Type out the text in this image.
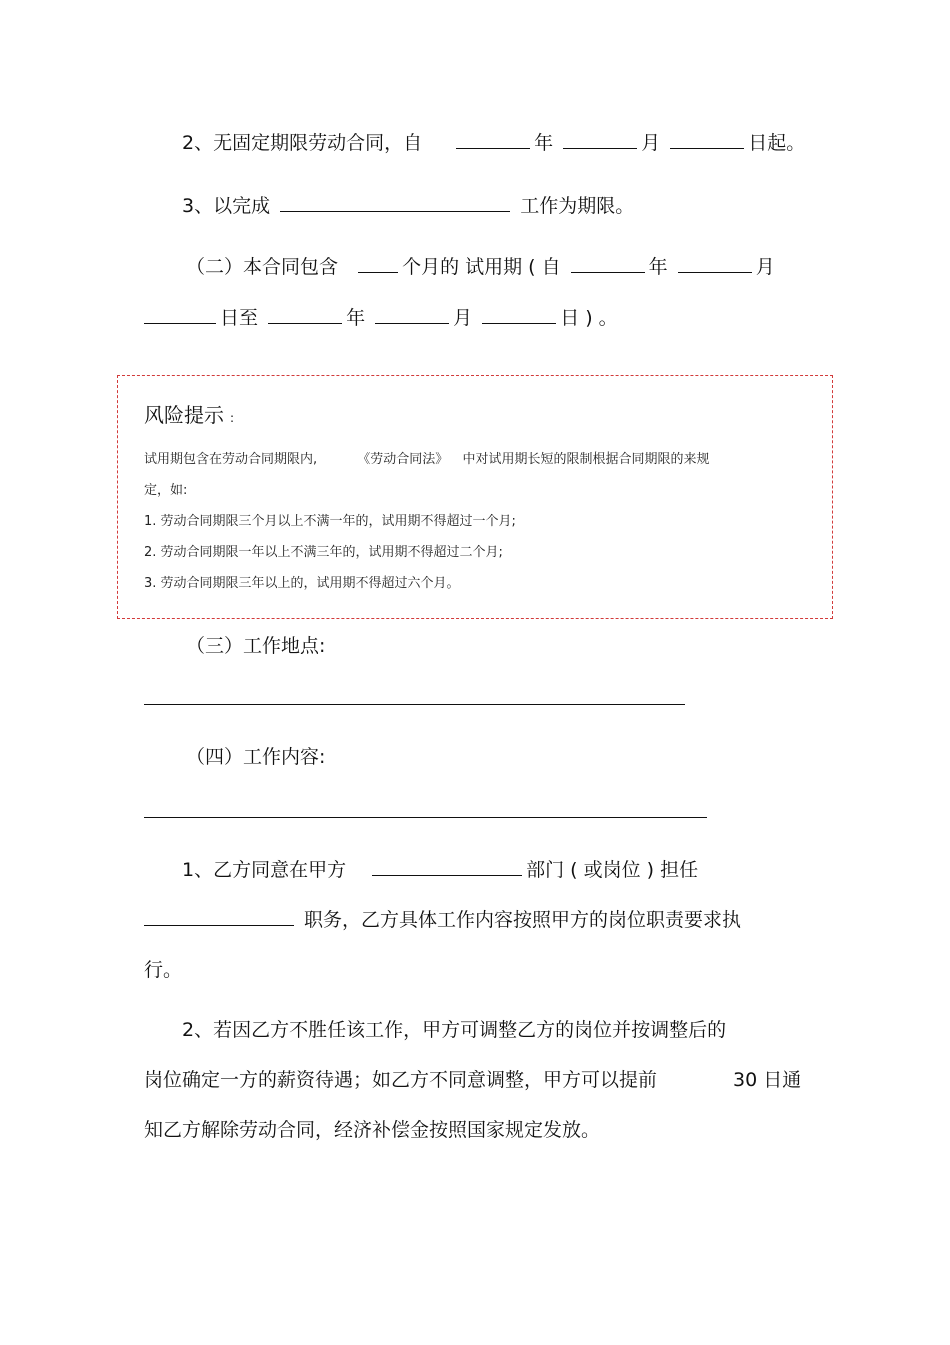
2、无固定期限劳动合同，自	年	月	日起。
3、以完成	工作为期限。
（二）本合同包含	个月的 试用期 ( 自	年	月
日至	年	月	日 ) 。
风险提示 :
试用期包含在劳动合同期限内,	《劳动合同法》 中对试用期长短的限制根据合同期限的来规
定，如:
1. 劳动合同期限三个月以上不满一年的，试用期不得超过一个月;
2. 劳动合同期限一年以上不满三年的，试用期不得超过二个月;
3. 劳动合同期限三年以上的，试用期不得超过六个月。
（三）工作地点:
（四）工作内容:
1、乙方同意在甲方	部门 ( 或岗位 ) 担任
职务，乙方具体工作内容按照甲方的岗位职责要求执
行。
2、若因乙方不胜任该工作，甲方可调整乙方的岗位并按调整后的
岗位确定一方的薪资待遇；如乙方不同意调整，甲方可以提前	30 日通
知乙方解除劳动合同，经济补偿金按照国家规定发放。
